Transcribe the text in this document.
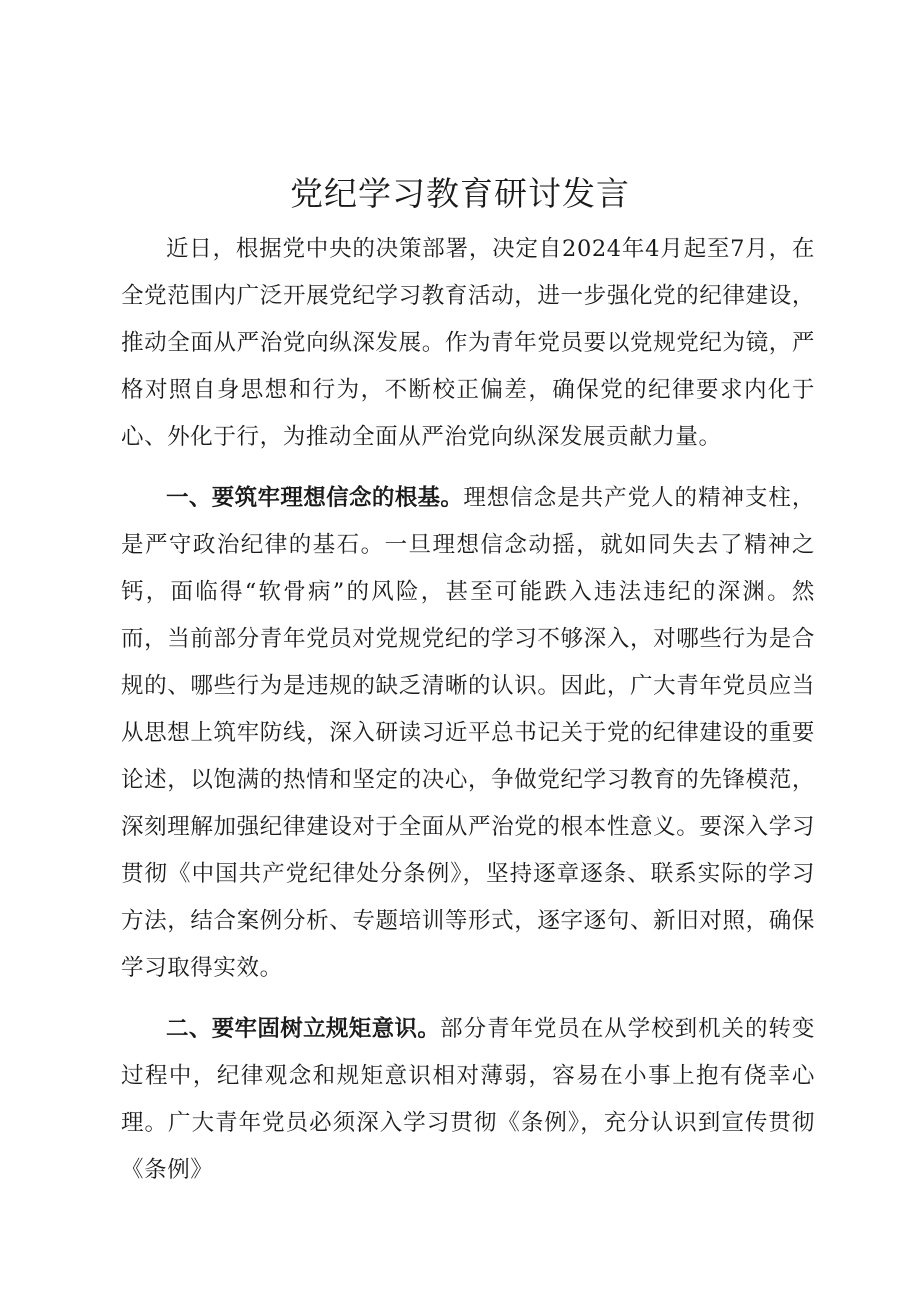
党纪学习教育研讨发言

近日，根据党中央的决策部署，决定自2024年4月起至7月，在全党范围内广泛开展党纪学习教育活动，进一步强化党的纪律建设，推动全面从严治党向纵深发展。作为青年党员要以党规党纪为镜，严格对照自身思想和行为，不断校正偏差，确保党的纪律要求内化于心、外化于行，为推动全面从严治党向纵深发展贡献力量。

一、要筑牢理想信念的根基。理想信念是共产党人的精神支柱，是严守政治纪律的基石。一旦理想信念动摇，就如同失去了精神之钙，面临得“软骨病”的风险，甚至可能跌入违法违纪的深渊。然而，当前部分青年党员对党规党纪的学习不够深入，对哪些行为是合规的、哪些行为是违规的缺乏清晰的认识。因此，广大青年党员应当从思想上筑牢防线，深入研读习近平总书记关于党的纪律建设的重要论述，以饱满的热情和坚定的决心，争做党纪学习教育的先锋模范，深刻理解加强纪律建设对于全面从严治党的根本性意义。要深入学习贯彻《中国共产党纪律处分条例》，坚持逐章逐条、联系实际的学习方法，结合案例分析、专题培训等形式，逐字逐句、新旧对照，确保学习取得实效。

二、要牢固树立规矩意识。部分青年党员在从学校到机关的转变过程中，纪律观念和规矩意识相对薄弱，容易在小事上抱有侥幸心理。广大青年党员必须深入学习贯彻《条例》，充分认识到宣传贯彻《条例》
